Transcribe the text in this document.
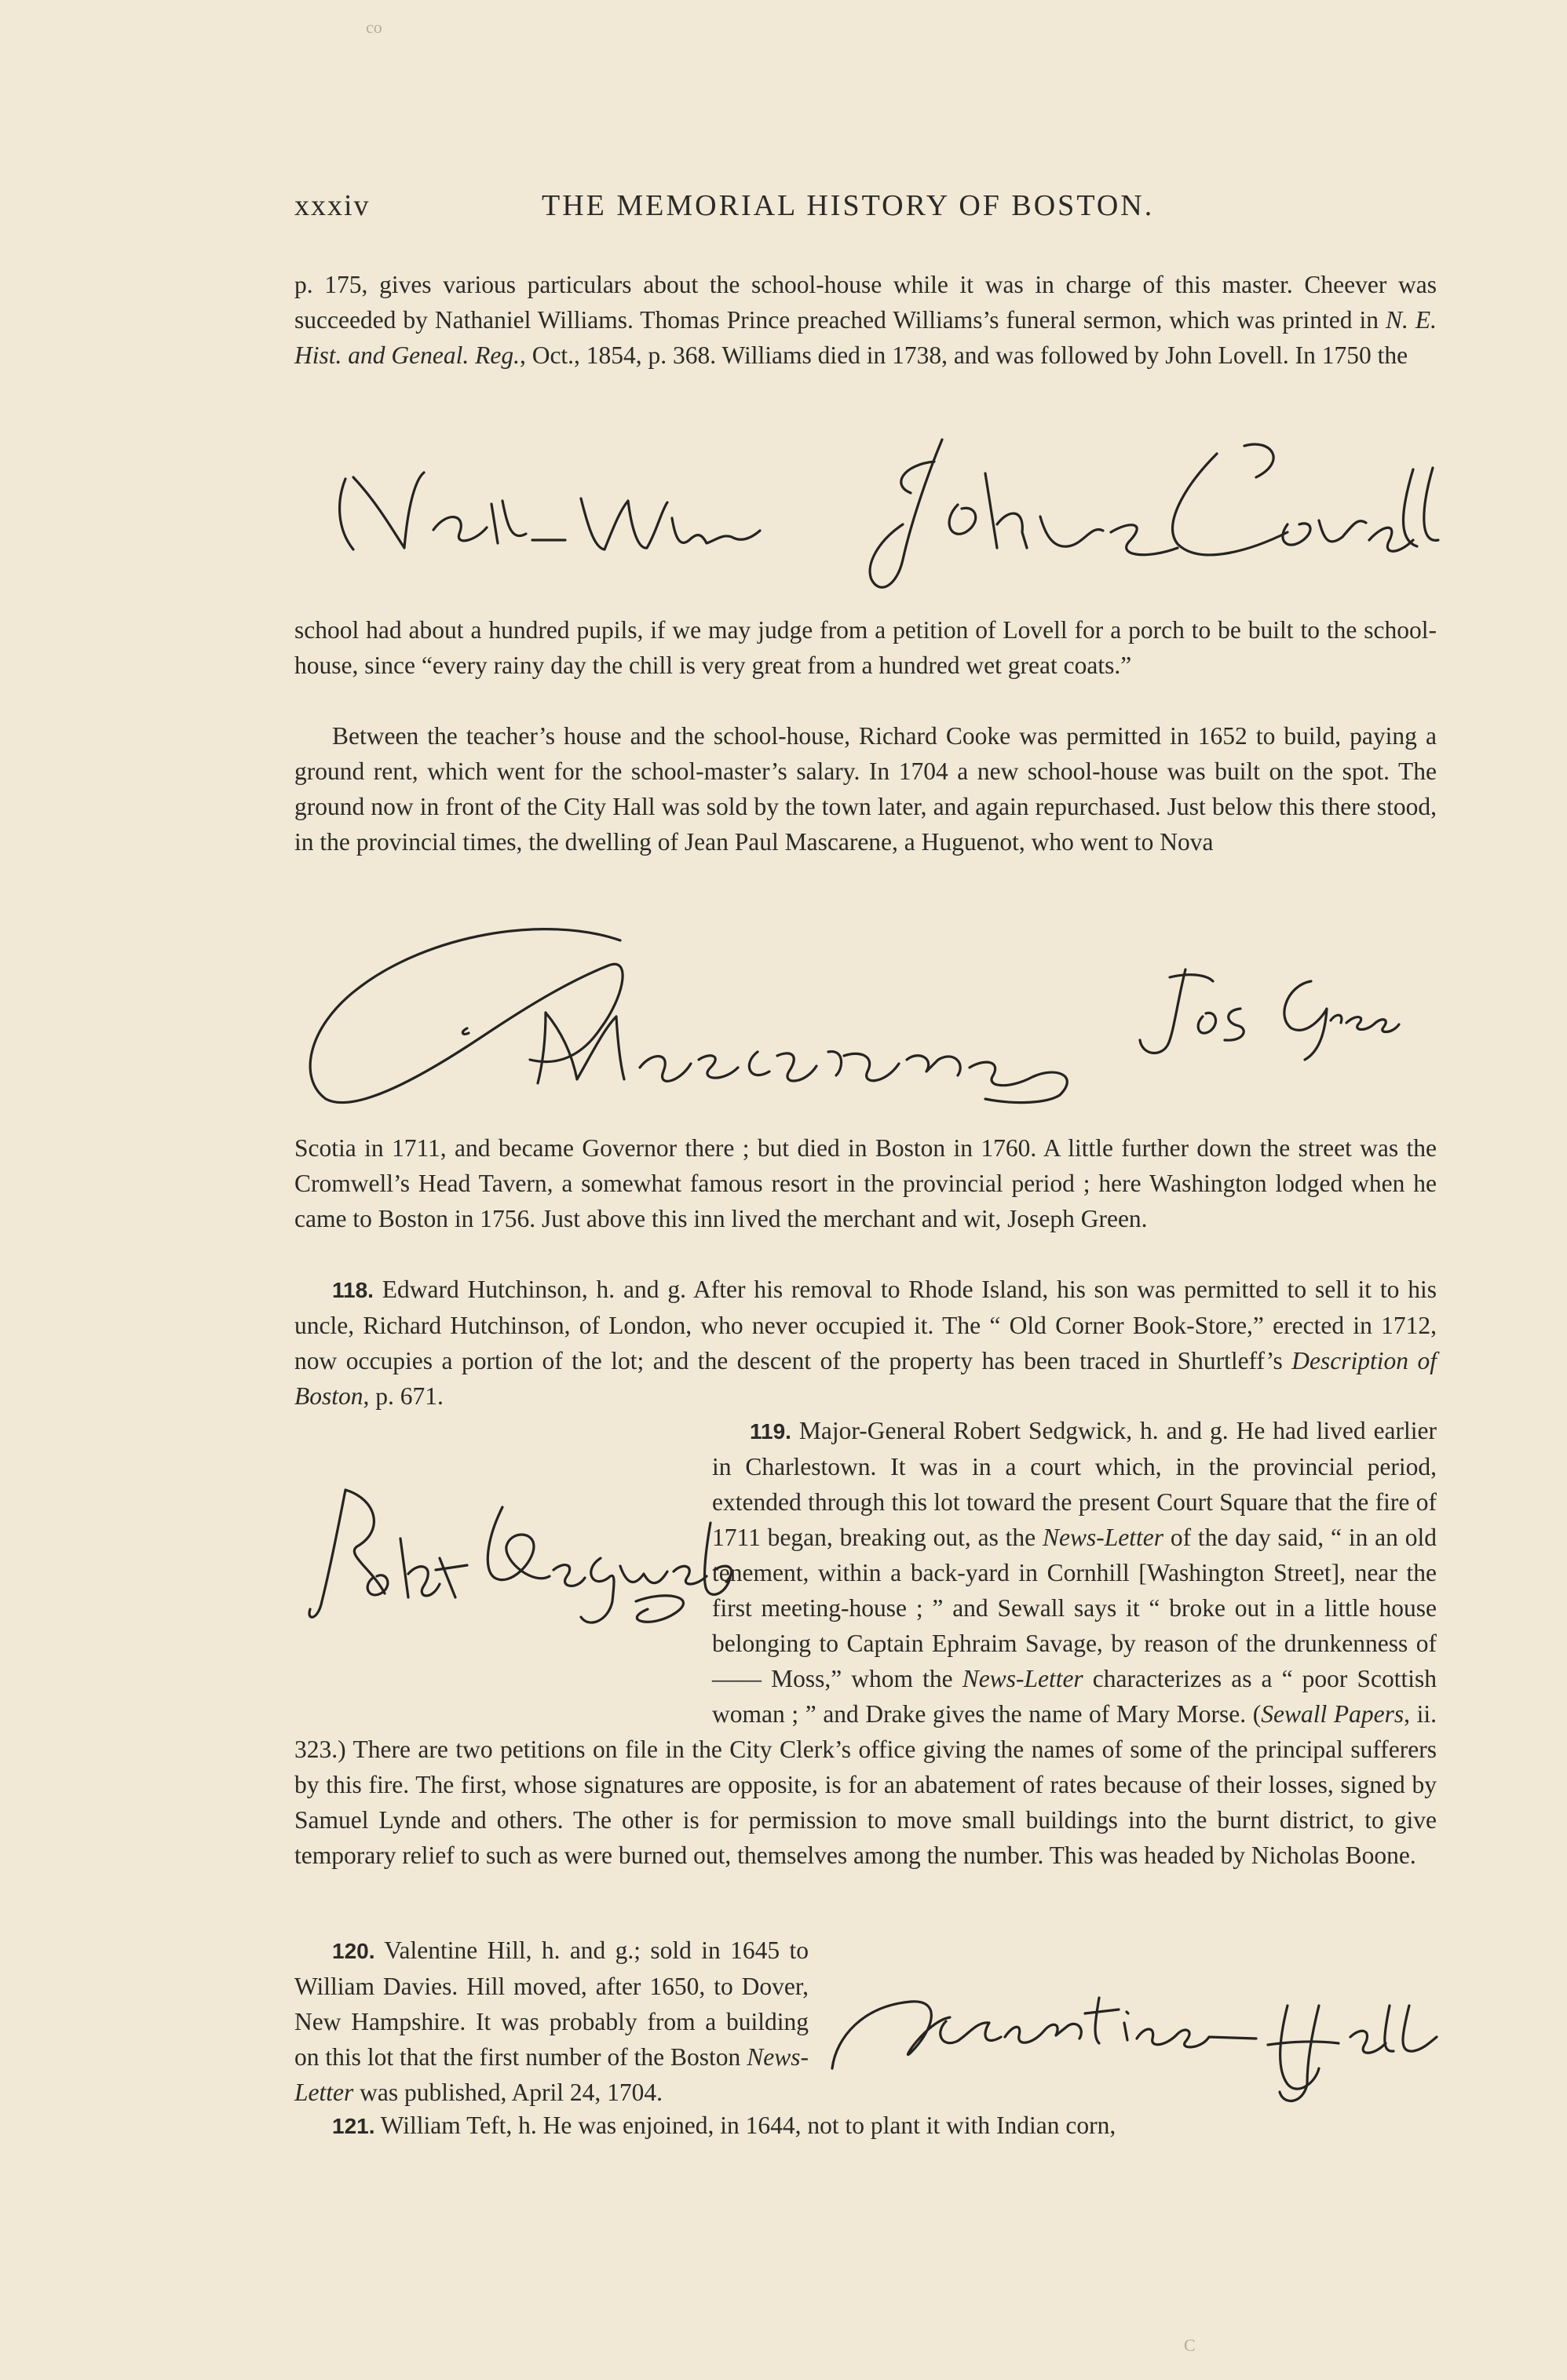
co
xxxiv	THE MEMORIAL HISTORY OF BOSTON.

p. 175, gives various particulars about the school-house while it was in charge of this master. Cheever was succeeded by Nathaniel Williams. Thomas Prince preached Williams’s funeral sermon, which was printed in N. E. Hist. and Geneal. Reg., Oct., 1854, p. 368. Williams died in 1738, and was followed by John Lovell. In 1750 the

school had about a hundred pupils, if we may judge from a petition of Lovell for a porch to be built to the school-house, since “every rainy day the chill is very great from a hundred wet great coats.”

Between the teacher’s house and the school-house, Richard Cooke was permitted in 1652 to build, paying a ground rent, which went for the school-master’s salary. In 1704 a new school-house was built on the spot. The ground now in front of the City Hall was sold by the town later, and again repurchased. Just below this there stood, in the provincial times, the dwelling of Jean Paul Mascarene, a Huguenot, who went to Nova

Scotia in 1711, and became Governor there ; but died in Boston in 1760. A little further down the street was the Cromwell’s Head Tavern, a somewhat famous resort in the provincial period ; here Washington lodged when he came to Boston in 1756. Just above this inn lived the merchant and wit, Joseph Green.

118. Edward Hutchinson, h. and g. After his removal to Rhode Island, his son was permitted to sell it to his uncle, Richard Hutchinson, of London, who never occupied it. The “ Old Corner Book-Store,” erected in 1712, now occupies a portion of the lot; and the descent of the property has been traced in Shurtleff’s Description of Boston, p. 671.

119. Major-General Robert Sedgwick, h. and g. He had lived earlier in Charlestown. It was in a court which, in the provincial period, extended through this lot toward the present Court Square that the fire of 1711 began, breaking out, as the News-Letter of the day said, “ in an old tenement, within a back-yard in Cornhill [Washington Street], near the first meeting-house ; ” and Sewall says it “ broke out in a little house belonging to Captain Ephraim Savage, by reason of the drunkenness of —— Moss,” whom the News-Letter characterizes as a “ poor Scottish woman ; ” and Drake gives the name of Mary Morse. (Sewall Papers, ii. 323.) There are two petitions on file in the City Clerk’s office giving the names of some of the principal sufferers by this fire. The first, whose signatures are opposite, is for an abatement of rates because of their losses, signed by Samuel Lynde and others. The other is for permission to move small buildings into the burnt district, to give temporary relief to such as were burned out, themselves among the number. This was headed by Nicholas Boone.

120. Valentine Hill, h. and g.; sold in 1645 to William Davies. Hill moved, after 1650, to Dover, New Hampshire. It was probably from a building on this lot that the first number of the Boston News-Letter was published, April 24, 1704.

121. William Teft, h. He was enjoined, in 1644, not to plant it with Indian corn,

C
